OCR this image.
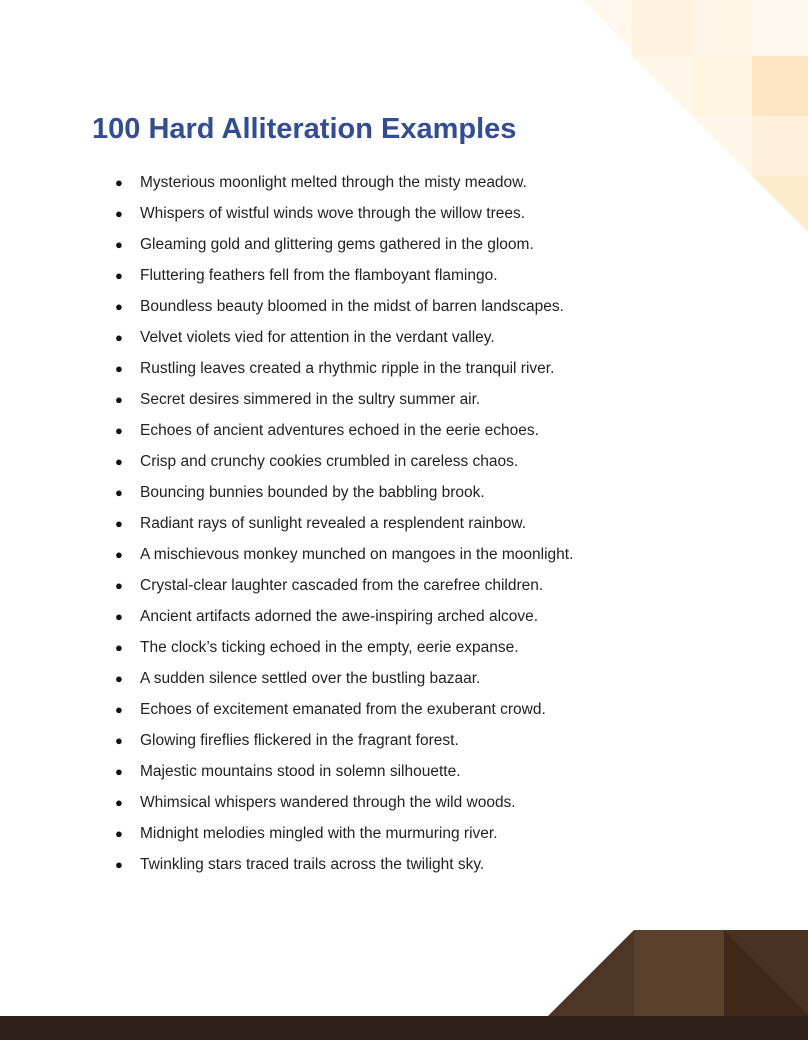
100 Hard Alliteration Examples
● Mysterious moonlight melted through the misty meadow.
● Whispers of wistful winds wove through the willow trees.
● Gleaming gold and glittering gems gathered in the gloom.
● Fluttering feathers fell from the flamboyant flamingo.
● Boundless beauty bloomed in the midst of barren landscapes.
● Velvet violets vied for attention in the verdant valley.
● Rustling leaves created a rhythmic ripple in the tranquil river.
● Secret desires simmered in the sultry summer air.
● Echoes of ancient adventures echoed in the eerie echoes.
● Crisp and crunchy cookies crumbled in careless chaos.
● Bouncing bunnies bounded by the babbling brook.
● Radiant rays of sunlight revealed a resplendent rainbow.
● A mischievous monkey munched on mangoes in the moonlight.
● Crystal-clear laughter cascaded from the carefree children.
● Ancient artifacts adorned the awe-inspiring arched alcove.
● The clock’s ticking echoed in the empty, eerie expanse.
● A sudden silence settled over the bustling bazaar.
● Echoes of excitement emanated from the exuberant crowd.
● Glowing fireflies flickered in the fragrant forest.
● Majestic mountains stood in solemn silhouette.
● Whimsical whispers wandered through the wild woods.
● Midnight melodies mingled with the murmuring river.
● Twinkling stars traced trails across the twilight sky.
